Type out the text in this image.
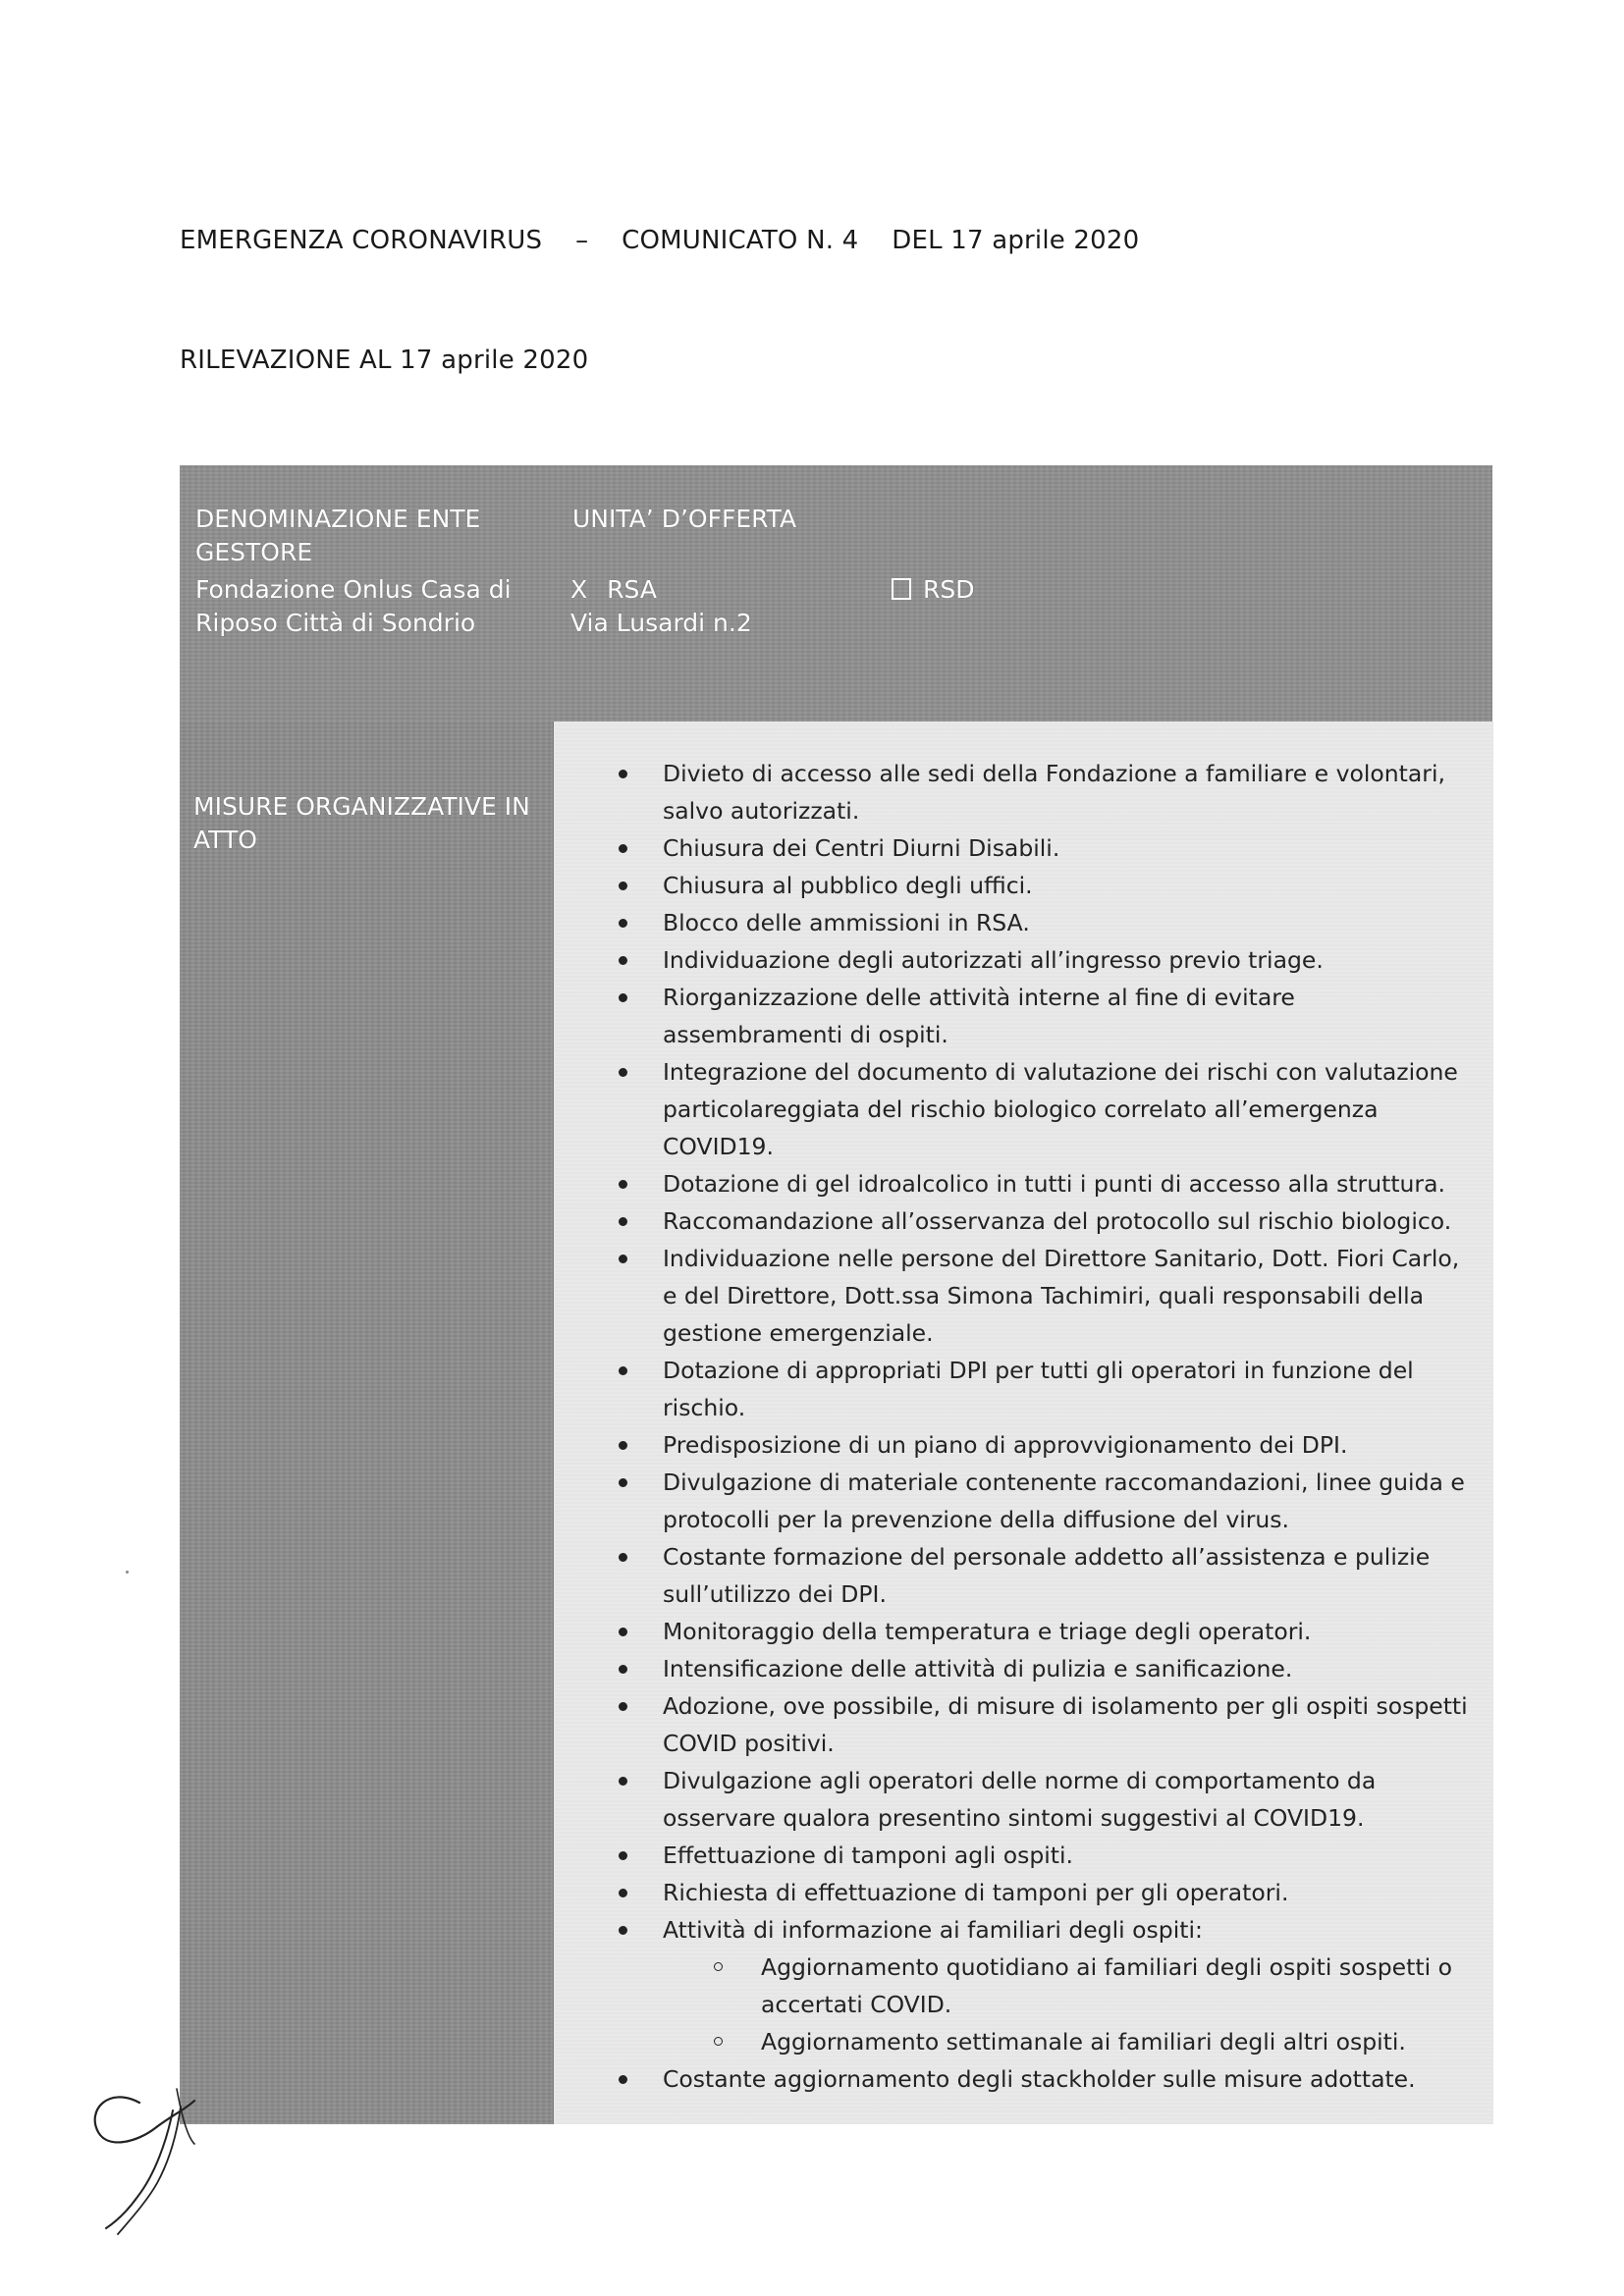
EMERGENZA CORONAVIRUS    –    COMUNICATO N. 4    DEL 17 aprile 2020
RILEVAZIONE AL 17 aprile 2020
DENOMINAZIONE ENTE GESTORE
Fondazione Onlus Casa di Riposo Città di Sondrio
UNITA’ D’OFFERTA
X RSA	RSD
Via Lusardi n.2
MISURE ORGANIZZATIVE IN ATTO
Divieto di accesso alle sedi della Fondazione a familiare e volontari, salvo autorizzati.
Chiusura dei Centri Diurni Disabili.
Chiusura al pubblico degli uffici.
Blocco delle ammissioni in RSA.
Individuazione degli autorizzati all’ingresso previo triage.
Riorganizzazione delle attività interne al fine di evitare assembramenti di ospiti.
Integrazione del documento di valutazione dei rischi con valutazione particolareggiata del rischio biologico correlato all’emergenza COVID19.
Dotazione di gel idroalcolico in tutti i punti di accesso alla struttura.
Raccomandazione all’osservanza del protocollo sul rischio biologico.
Individuazione nelle persone del Direttore Sanitario, Dott. Fiori Carlo, e del Direttore, Dott.ssa Simona Tachimiri, quali responsabili della gestione emergenziale.
Dotazione di appropriati DPI per tutti gli operatori in funzione del rischio.
Predisposizione di un piano di approvvigionamento dei DPI.
Divulgazione di materiale contenente raccomandazioni, linee guida e protocolli per la prevenzione della diffusione del virus.
Costante formazione del personale addetto all’assistenza e pulizie sull’utilizzo dei DPI.
Monitoraggio della temperatura e triage degli operatori.
Intensificazione delle attività di pulizia e sanificazione.
Adozione, ove possibile, di misure di isolamento per gli ospiti sospetti COVID positivi.
Divulgazione agli operatori delle norme di comportamento da osservare qualora presentino sintomi suggestivi al COVID19.
Effettuazione di tamponi agli ospiti.
Richiesta di effettuazione di tamponi per gli operatori.
Attività di informazione ai familiari degli ospiti:
Aggiornamento quotidiano ai familiari degli ospiti sospetti o accertati COVID.
Aggiornamento settimanale ai familiari degli altri ospiti.
Costante aggiornamento degli stackholder sulle misure adottate.
